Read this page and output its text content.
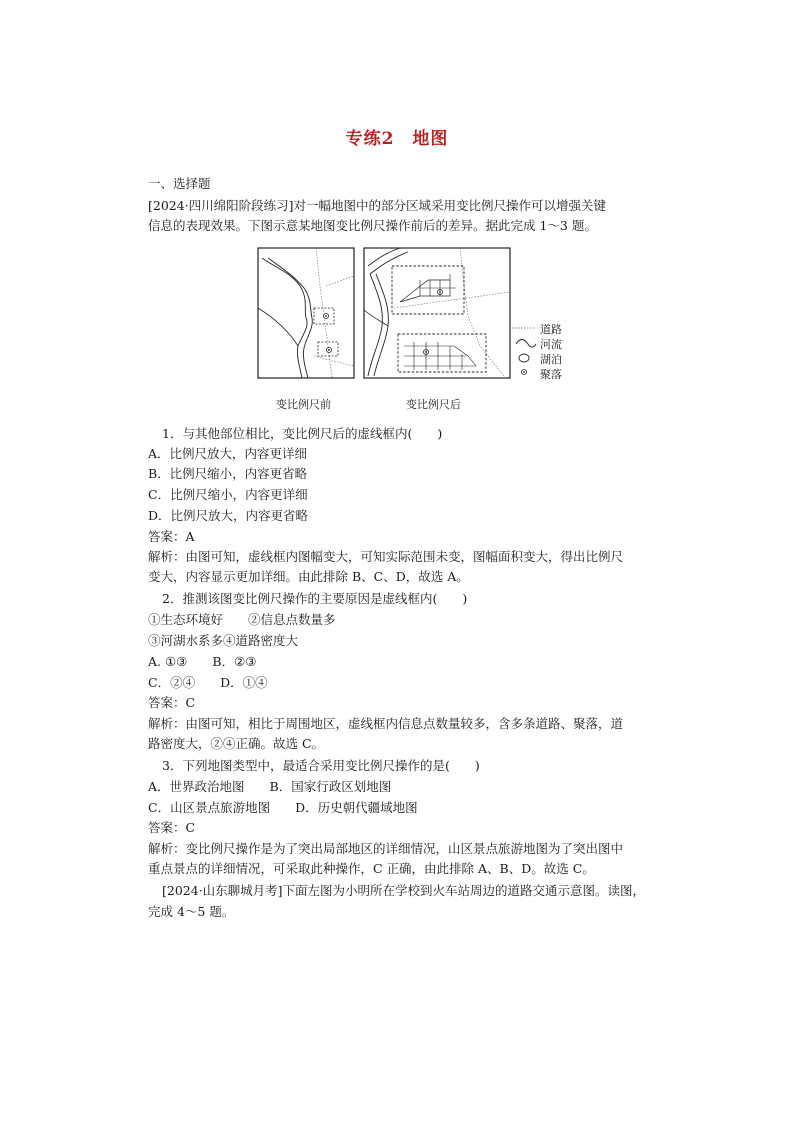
专练2　地图
一、选择题
[2024·四川绵阳阶段练习]对一幅地图中的部分区域采用变比例尺操作可以增强关键
信息的表现效果。下图示意某地图变比例尺操作前后的差异。据此完成 1～3 题。
道路
河流
湖泊
聚落
变比例尺前	变比例尺后
1．与其他部位相比，变比例尺后的虚线框内(　　)
A．比例尺放大，内容更详细
B．比例尺缩小，内容更省略
C．比例尺缩小，内容更详细
D．比例尺放大，内容更省略
答案：A
解析：由图可知，虚线框内图幅变大，可知实际范围未变，图幅面积变大，得出比例尺
变大，内容显示更加详细。由此排除 B、C、D，故选 A。
2．推测该图变比例尺操作的主要原因是虚线框内(　　)
①生态环境好　　②信息点数量多
③河湖水系多④道路密度大
A. ①③　　B．②③
C．②④　　D．①④
答案：C
解析：由图可知，相比于周围地区，虚线框内信息点数量较多，含多条道路、聚落，道
路密度大，②④正确。故选 C。
3．下列地图类型中，最适合采用变比例尺操作的是(　　)
A．世界政治地图　　B．国家行政区划地图
C．山区景点旅游地图　　D．历史朝代疆域地图
答案：C
解析：变比例尺操作是为了突出局部地区的详细情况，山区景点旅游地图为了突出图中
重点景点的详细情况，可采取此种操作，C 正确，由此排除 A、B、D。故选 C。
[2024·山东聊城月考]下面左图为小明所在学校到火车站周边的道路交通示意图。读图，
完成 4～5 题。
